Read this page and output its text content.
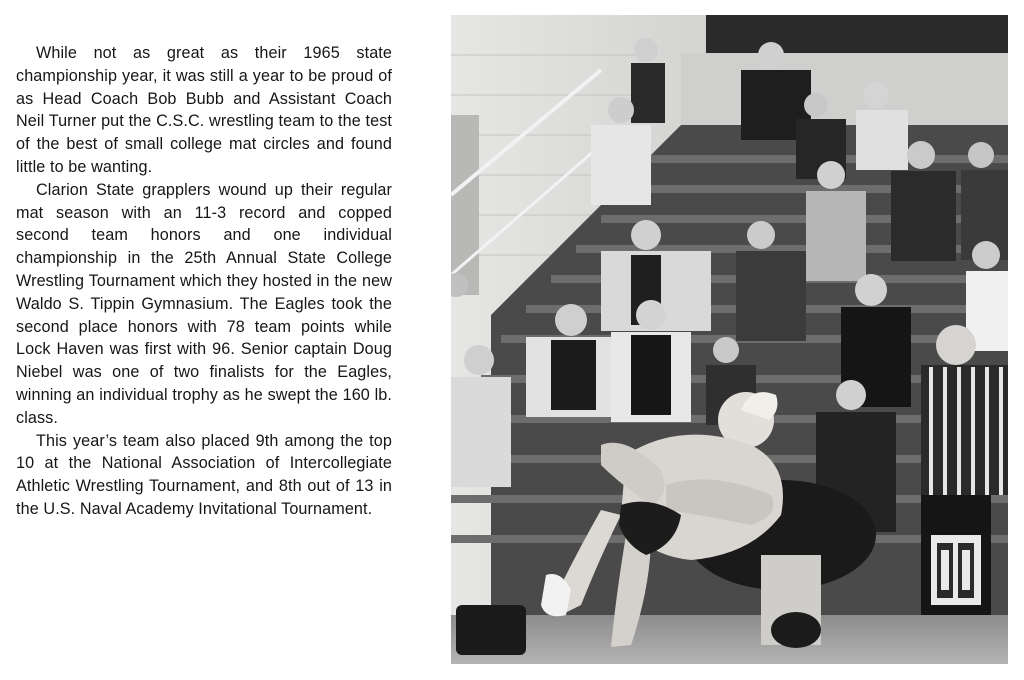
While not as great as their 1965 state championship year, it was still a year to be proud of as Head Coach Bob Bubb and Assistant Coach Neil Turner put the C.S.C. wrestling team to the test of the best of small college mat circles and found little to be wanting.

Clarion State grapplers wound up their regular mat season with an 11-3 record and copped second team honors and one individual championship in the 25th Annual State College Wrestling Tournament which they hosted in the new Waldo S. Tippin Gymnasium. The Eagles took the second place honors with 78 team points while Lock Haven was first with 96. Senior captain Doug Niebel was one of two finalists for the Eagles, winning an individual trophy as he swept the 160 lb. class.

This year’s team also placed 9th among the top 10 at the National Association of Intercollegiate Athletic Wrestling Tournament, and 8th out of 13 in the U.S. Naval Academy Invitational Tournament.
